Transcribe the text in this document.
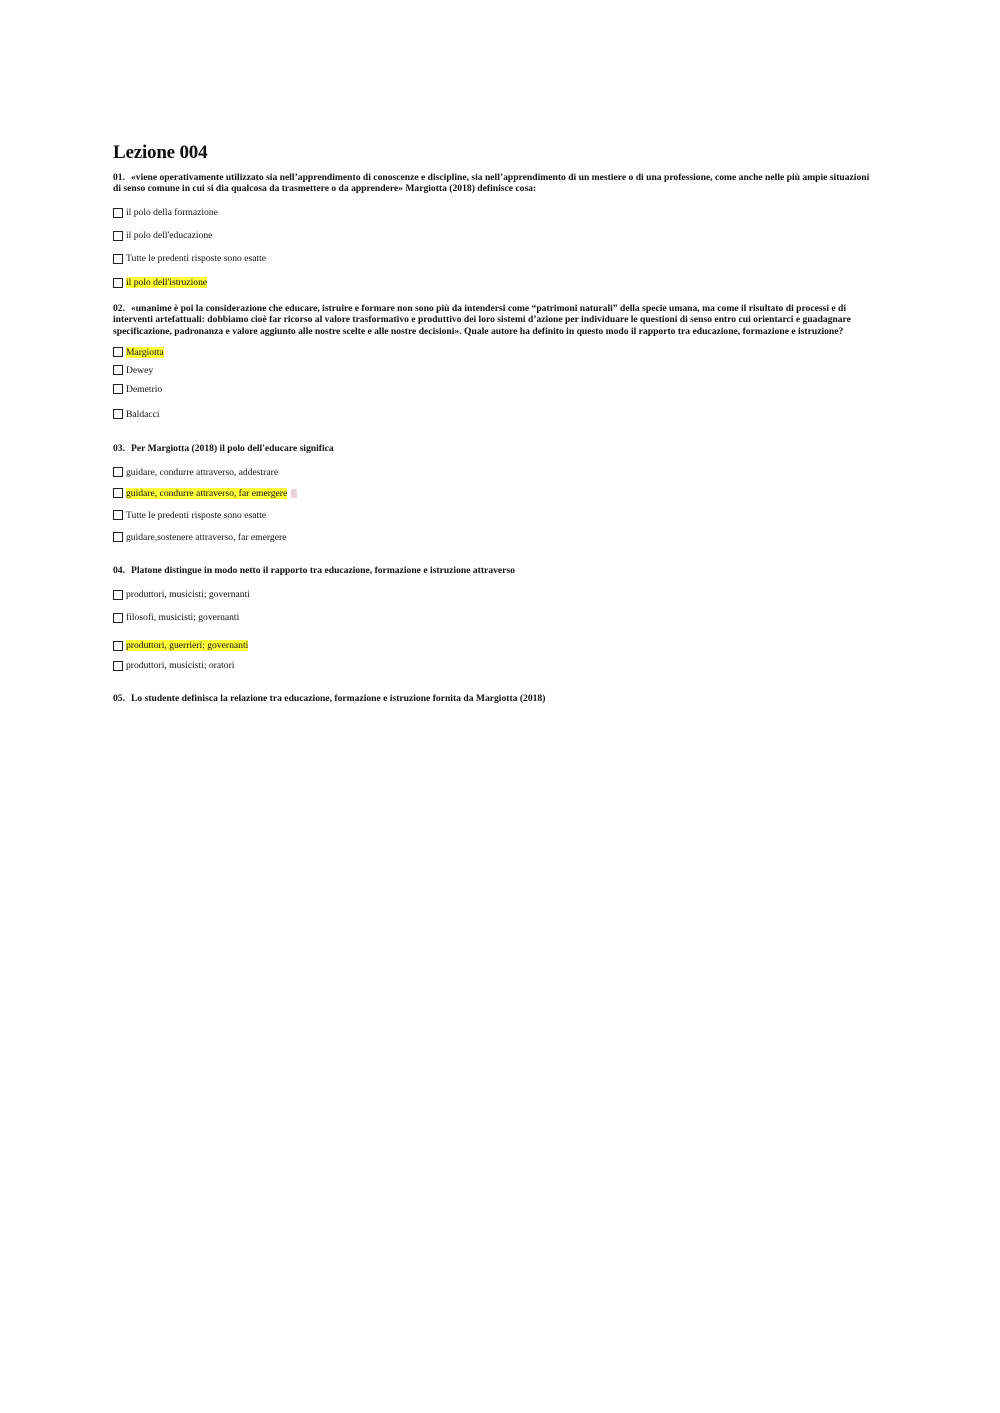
Lezione 004

01. «viene operativamente utilizzato sia nell’apprendimento di conoscenze e discipline, sia nell’apprendimento di un mestiere o di una professione, come anche nelle più ampie situazioni di senso comune in cui si dia qualcosa da trasmettere o da apprendere» Margiotta (2018) definisce cosa:

il polo della formazione
il polo dell'educazione
Tutte le predenti risposte sono esatte
il polo dell'istruzione

02. «unanime è poi la considerazione che educare, istruire e formare non sono più da intendersi come “patrimoni naturali” della specie umana, ma come il risultato di processi e di interventi artefattuali: dobbiamo cioè far ricorso al valore trasformativo e produttivo dei loro sistemi d’azione per individuare le questioni di senso entro cui orientarci e guadagnare specificazione, padronanza e valore aggiunto alle nostre scelte e alle nostre decisioni». Quale autore ha definito in questo modo il rapporto tra educazione, formazione e istruzione?

Margiotta
Dewey
Demetrio
Baldacci

03. Per Margiotta (2018) il polo dell'educare significa

guidare, condurre attraverso, addestrare
guidare, condurre attraverso, far emergere
Tutte le predenti risposte sono esatte
guidare,sostenere attraverso, far emergere

04. Platone distingue in modo netto il rapporto tra educazione, formazione e istruzione attraverso

produttori, musicisti; governanti
filosofi, musicisti; governanti
produttori, guerrieri; governanti
produttori, musicisti; oratori

05. Lo studente definisca la relazione tra educazione, formazione e istruzione fornita da Margiotta (2018)
